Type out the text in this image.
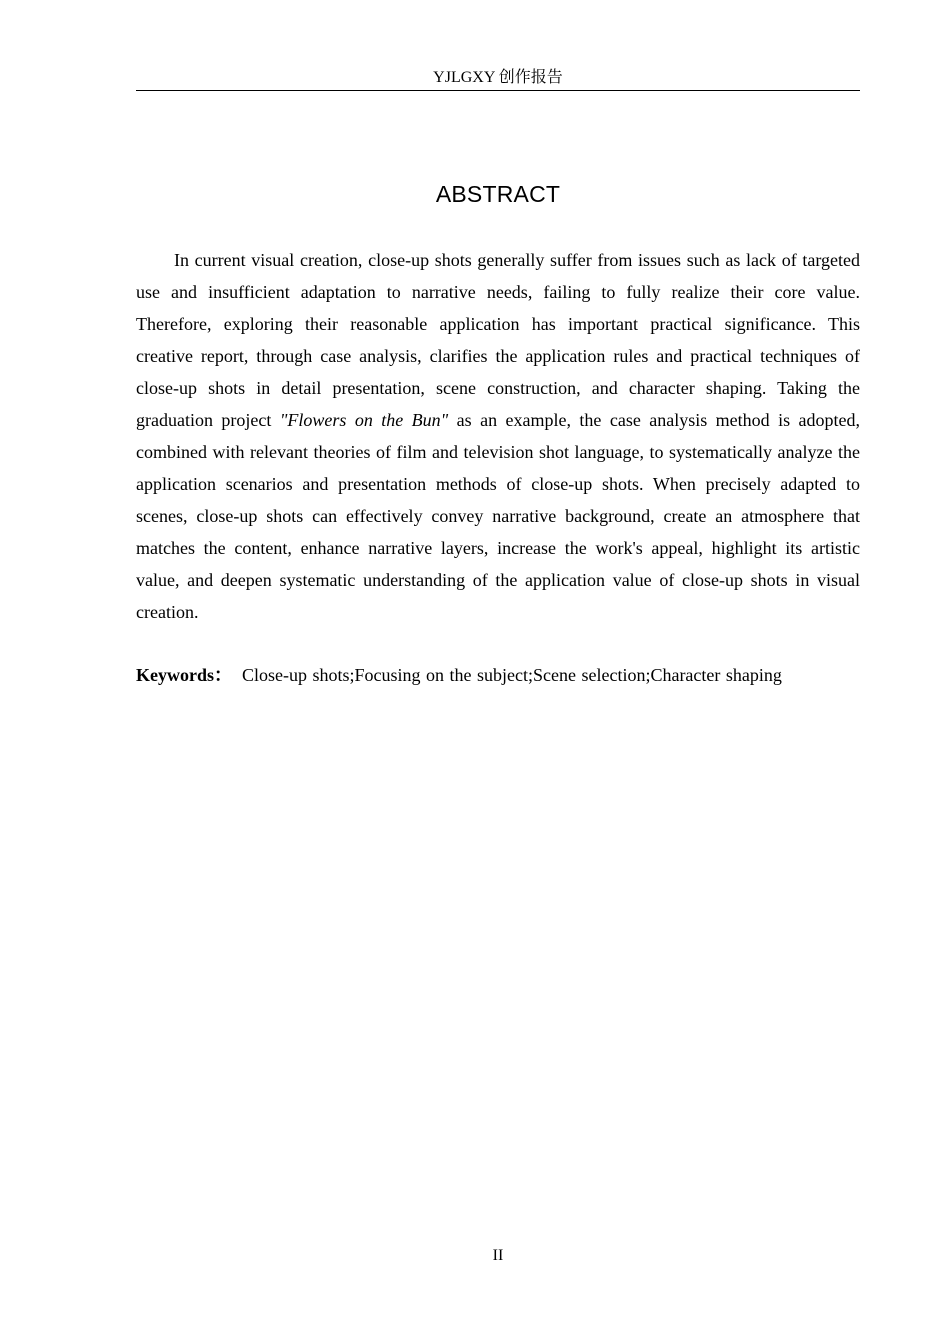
YJLGXY 创作报告
ABSTRACT

In current visual creation, close-up shots generally suffer from issues such as lack of targeted use and insufficient adaptation to narrative needs, failing to fully realize their core value. Therefore, exploring their reasonable application has important practical significance. This creative report, through case analysis, clarifies the application rules and practical techniques of close-up shots in detail presentation, scene construction, and character shaping. Taking the graduation project "Flowers on the Bun" as an example, the case analysis method is adopted, combined with relevant theories of film and television shot language, to systematically analyze the application scenarios and presentation methods of close-up shots. When precisely adapted to scenes, close-up shots can effectively convey narrative background, create an atmosphere that matches the content, enhance narrative layers, increase the work's appeal, highlight its artistic value, and deepen systematic understanding of the application value of close-up shots in visual creation.

Keywords： Close-up shots;Focusing on the subject;Scene selection;Character shaping

II
